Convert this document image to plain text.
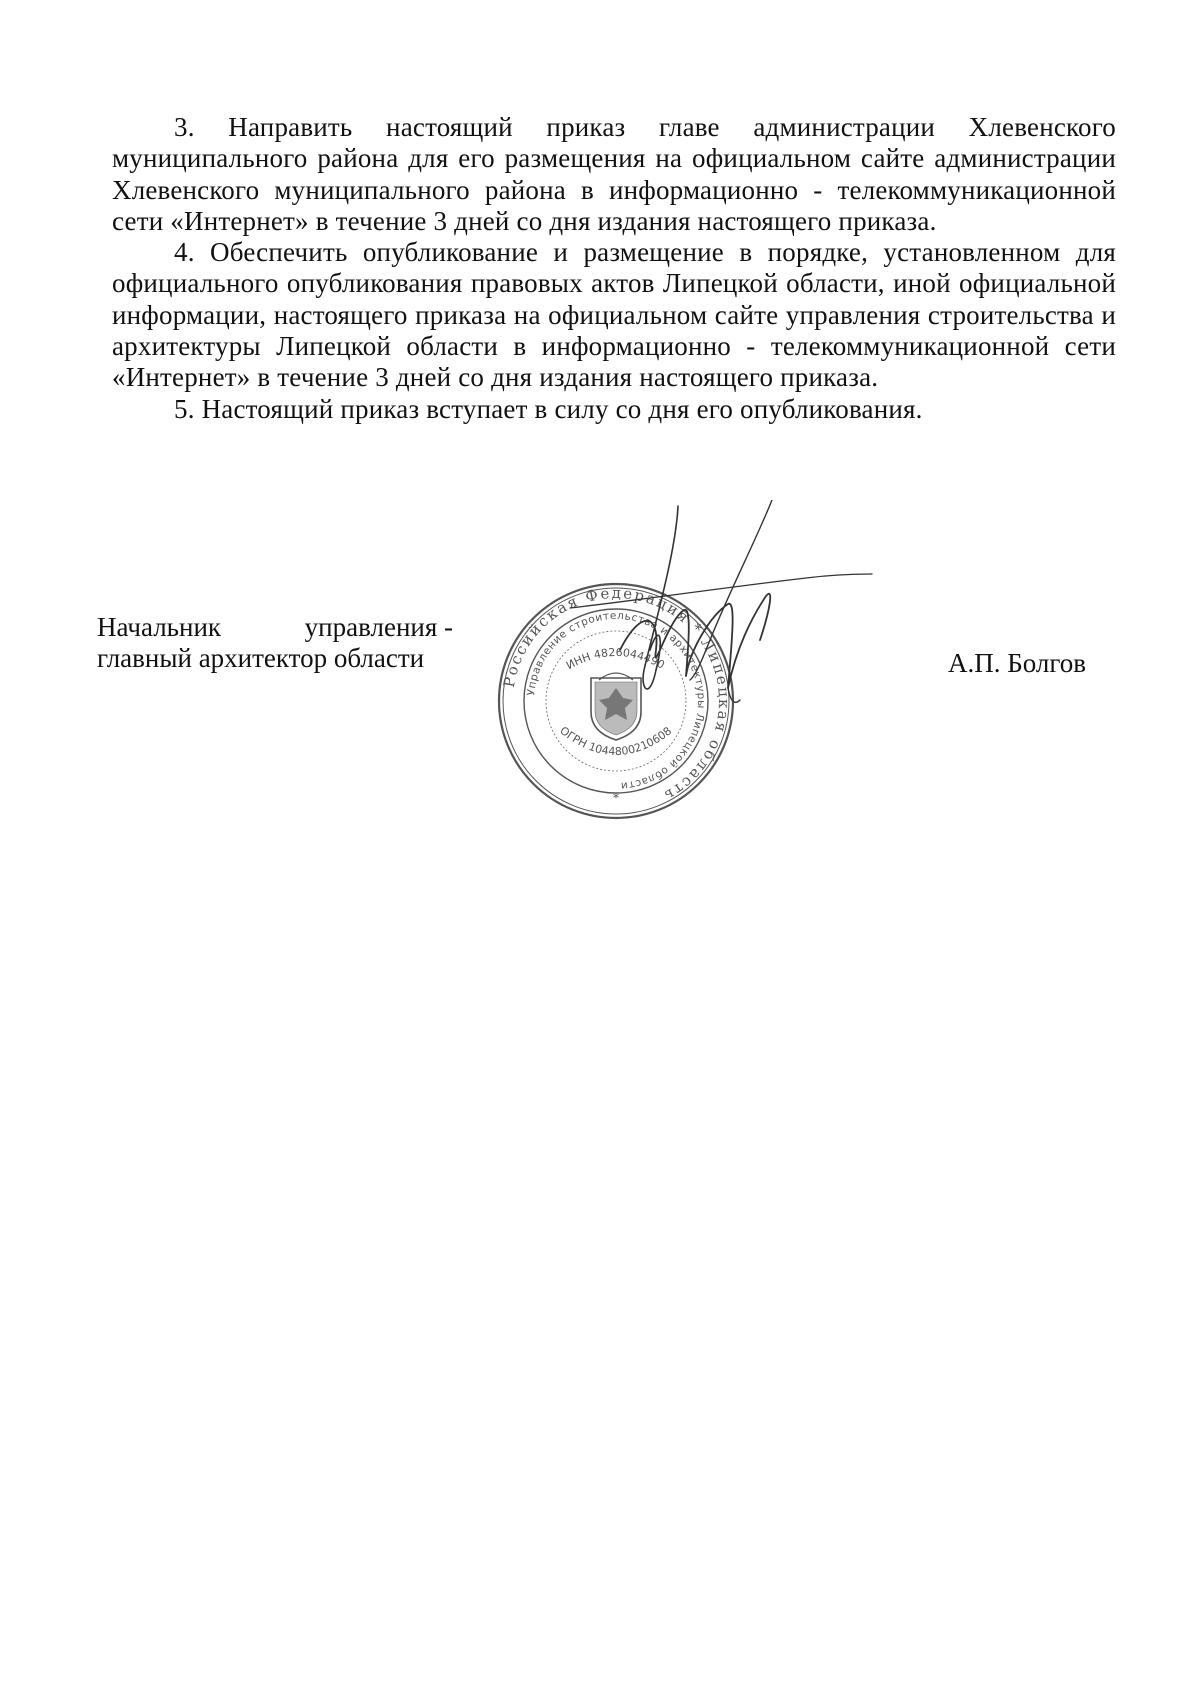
3. Направить настоящий приказ главе администрации Хлевенского муниципального района для его размещения на официальном сайте администрации Хлевенского муниципального района в информационно - телекоммуникационной сети «Интернет» в течение 3 дней со дня издания настоящего приказа.

4. Обеспечить опубликование и размещение в порядке, установленном для официального опубликования правовых актов Липецкой области, иной официальной информации, настоящего приказа на официальном сайте управления строительства и архитектуры Липецкой области в информационно - телекоммуникационной сети «Интернет» в течение 3 дней со дня издания настоящего приказа.

5. Настоящий приказ вступает в силу со дня его опубликования.

Начальник	управления -
главный архитектор области	А.П. Болгов
Российская Федерация * Липецкая область
Управление строительства и архитектуры Липецкой области
ИНН 4826044490
ОГРН 1044800210608
*
